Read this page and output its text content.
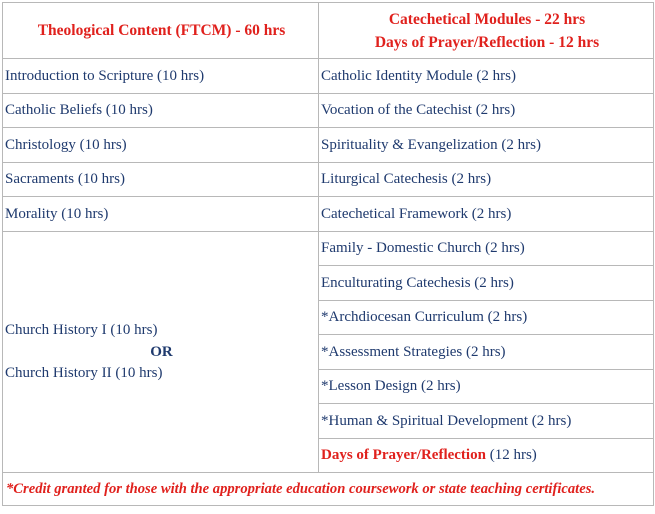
Theological Content (FTCM) - 60 hrs	Catechetical Modules - 22 hrs
Days of Prayer/Reflection - 12 hrs

Introduction to Scripture (10 hrs)	Catholic Identity Module (2 hrs)
Catholic Beliefs (10 hrs)	Vocation of the Catechist (2 hrs)
Christology (10 hrs)	Spirituality & Evangelization (2 hrs)
Sacraments (10 hrs)	Liturgical Catechesis (2 hrs)
Morality (10 hrs)	Catechetical Framework (2 hrs)

Church History I (10 hrs)
OR
Church History II (10 hrs)	Family - Domestic Church (2 hrs)
	Enculturating Catechesis (2 hrs)
	*Archdiocesan Curriculum (2 hrs)
	*Assessment Strategies (2 hrs)
	*Lesson Design (2 hrs)
	*Human & Spiritual Development (2 hrs)
	Days of Prayer/Reflection (12 hrs)
*Credit granted for those with the appropriate education coursework or state teaching certificates.	
